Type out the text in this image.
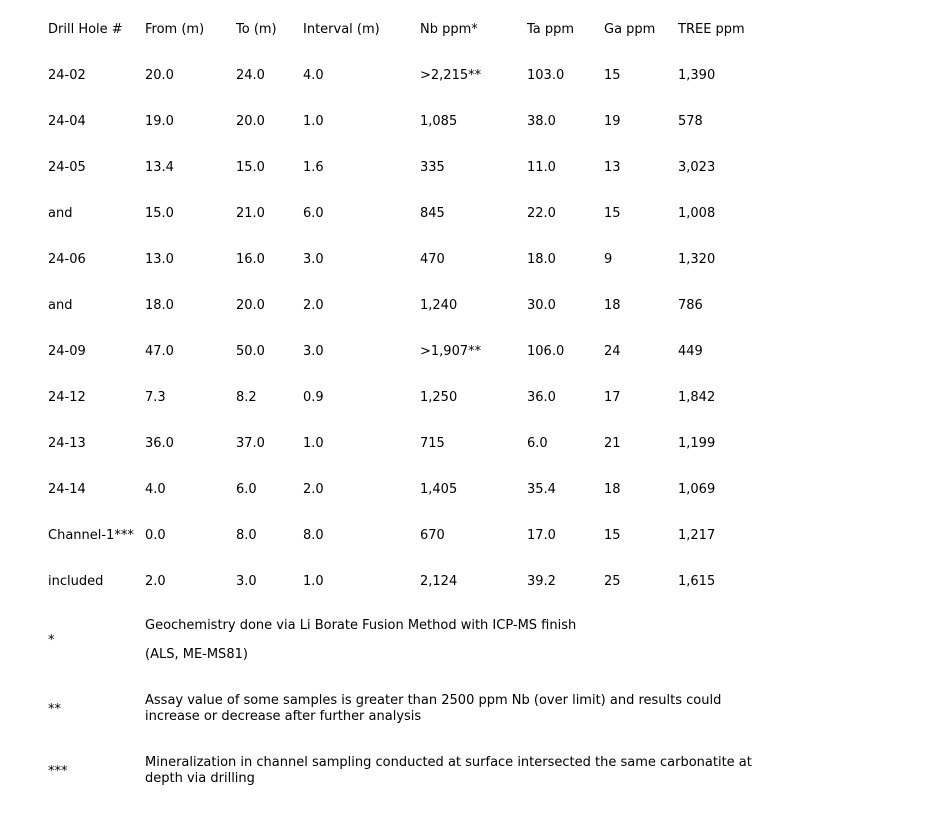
Drill Hole #	From (m)	To (m)	Interval (m)	Nb ppm*	Ta ppm	Ga ppm	TREE ppm
24-02	20.0	24.0	4.0	>2,215**	103.0	15	1,390
24-04	19.0	20.0	1.0	1,085	38.0	19	578
24-05	13.4	15.0	1.6	335	11.0	13	3,023
and	15.0	21.0	6.0	845	22.0	15	1,008
24-06	13.0	16.0	3.0	470	18.0	9	1,320
and	18.0	20.0	2.0	1,240	30.0	18	786
24-09	47.0	50.0	3.0	>1,907**	106.0	24	449
24-12	7.3	8.2	0.9	1,250	36.0	17	1,842
24-13	36.0	37.0	1.0	715	6.0	21	1,199
24-14	4.0	6.0	2.0	1,405	35.4	18	1,069
Channel-1***	0.0	8.0	8.0	670	17.0	15	1,217
included	2.0	3.0	1.0	2,124	39.2	25	1,615
*
Geochemistry done via Li Borate Fusion Method with ICP-MS finish
(ALS, ME-MS81)
**
Assay value of some samples is greater than 2500 ppm Nb (over limit) and results could
increase or decrease after further analysis
***
Mineralization in channel sampling conducted at surface intersected the same carbonatite at
depth via drilling
